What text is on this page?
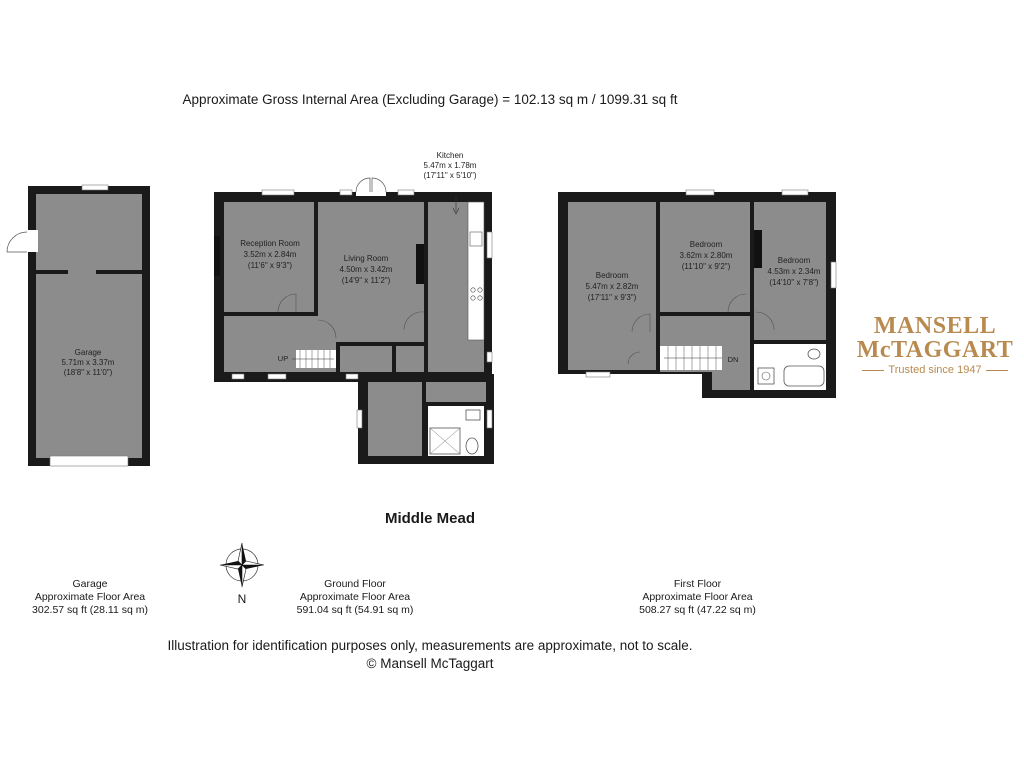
Approximate Gross Internal Area (Excluding Garage) = 102.13 sq m / 1099.31 sq ft
Garage
5.71m x 3.37m
(18'8" x 11'0")
UP
Reception Room
3.52m x 2.84m
(11'6" x 9'3")
Living Room
4.50m x 3.42m
(14'9" x 11'2")
Kitchen
5.47m x 1.78m
(17'11" x 5'10")
DN
Bedroom
5.47m x 2.82m
(17'11" x 9'3")
Bedroom
3.62m x 2.80m
(11'10" x 9'2")
Bedroom
4.53m x 2.34m
(14'10" x 7'8")
MANSELL
McTAGGART
Trusted since 1947
Middle Mead
N
Garage
Approximate Floor Area
302.57 sq ft (28.11 sq m)
Ground Floor
Approximate Floor Area
591.04 sq ft (54.91 sq m)
First Floor
Approximate Floor Area
508.27 sq ft (47.22 sq m)
Illustration for identification purposes only, measurements are approximate, not to scale.
© Mansell McTaggart
